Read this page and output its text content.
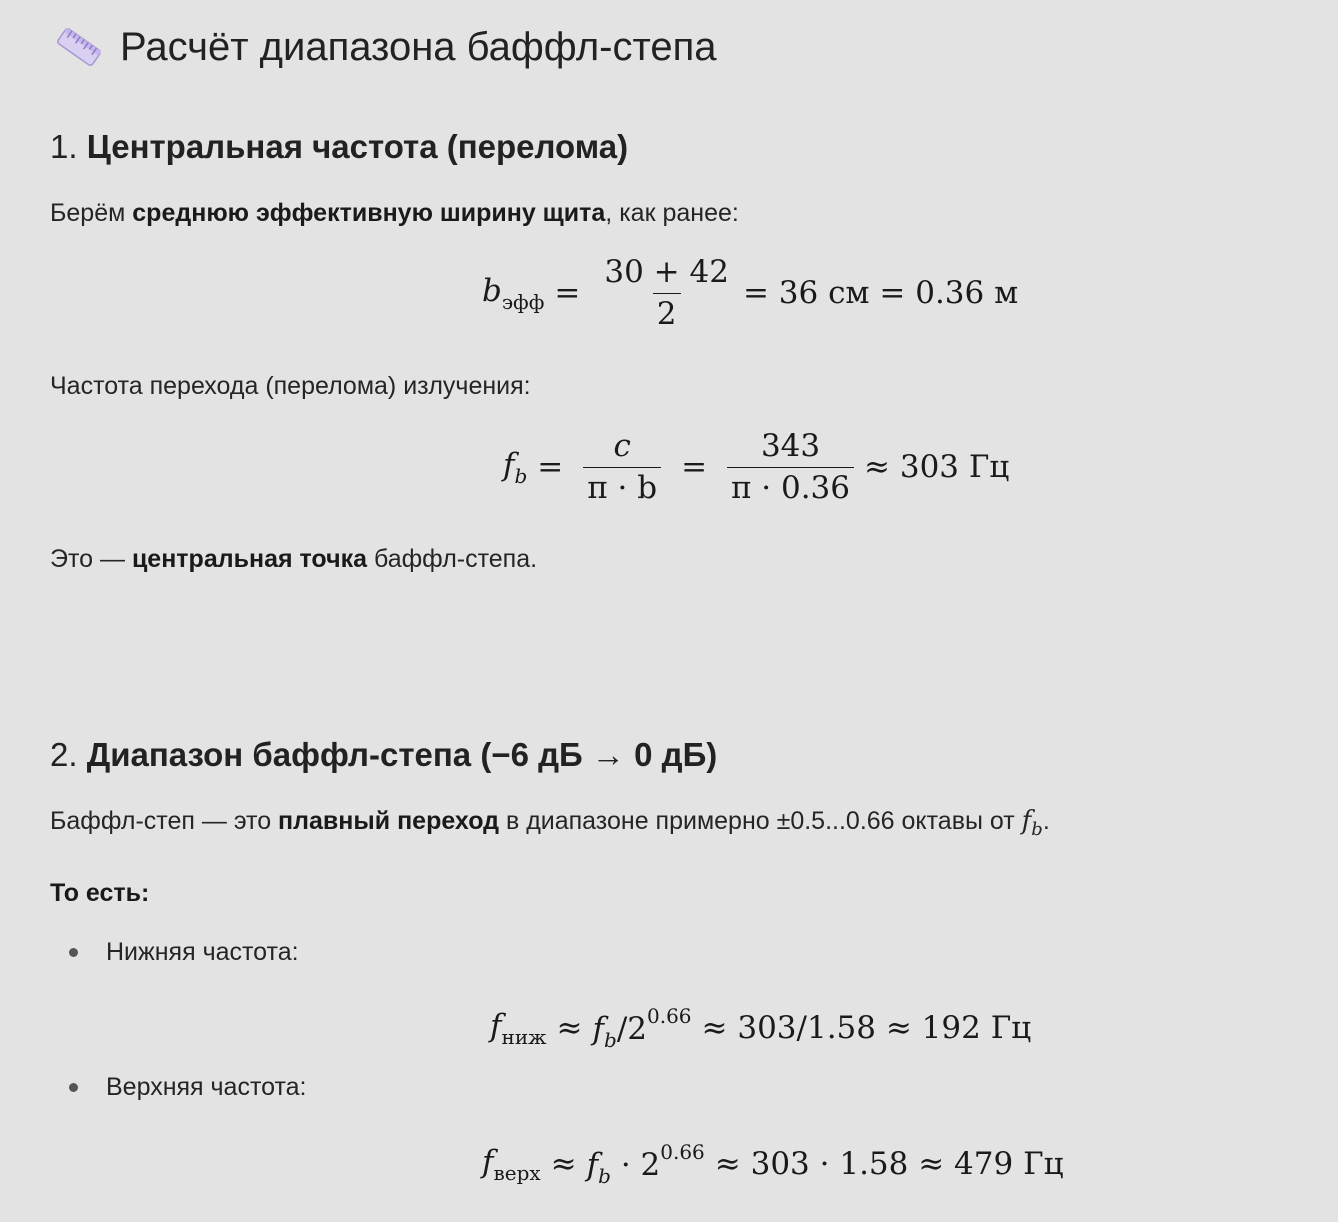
Расчёт диапазона баффл-степа
1. Центральная частота (перелома)
Берём среднюю эффективную ширину щита, как ранее:
$b_{эфф} = \frac{30 + 42}{2} = 36$ см = 0.36 м
Частота перехода (перелома) излучения:
$f_b = \frac{c}{\pi \cdot b} = \frac{343}{\pi \cdot 0.36} \approx 303$ Гц
Это — центральная точка баффл-степа.
2. Диапазон баффл-степа (−6 дБ → 0 дБ)
Баффл-степ — это плавный переход в диапазоне примерно ±0.5...0.66 октавы от $f_b$.
То есть:
Нижняя частота:
$f_{ниж} \approx f_b/2^{0.66} \approx 303/1.58 \approx 192$ Гц
Верхняя частота:
$f_{верх} \approx f_b \cdot 2^{0.66} \approx 303 \cdot 1.58 \approx 479$ Гц
